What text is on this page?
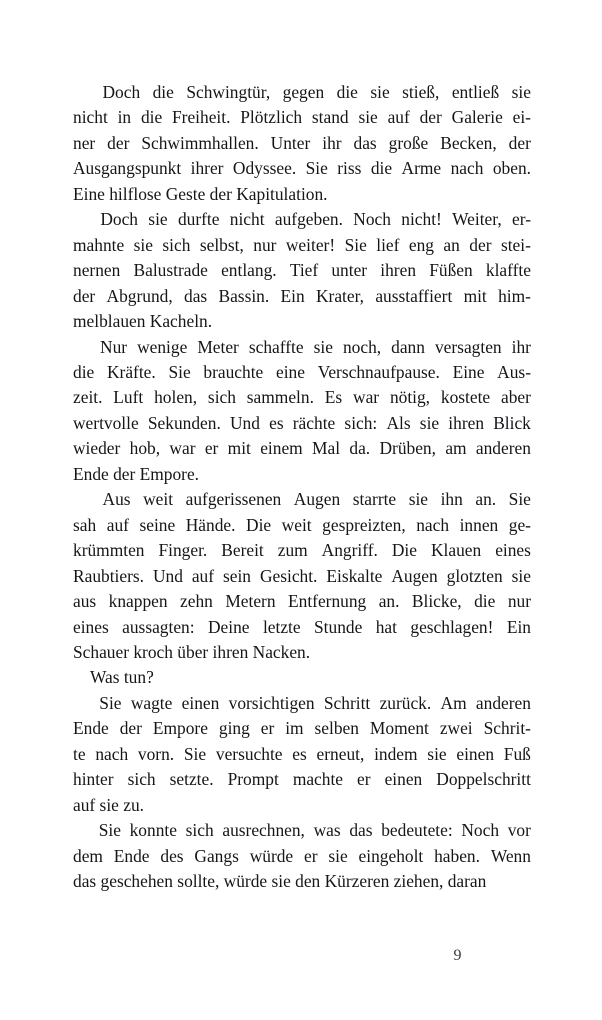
Doch die Schwingtür, gegen die sie stieß, entließ sie
nicht in die Freiheit. Plötzlich stand sie auf der Galerie ei-
ner der Schwimmhallen. Unter ihr das große Becken, der
Ausgangspunkt ihrer Odyssee. Sie riss die Arme nach oben.
Eine hilflose Geste der Kapitulation.

Doch sie durfte nicht aufgeben. Noch nicht! Weiter, er-
mahnte sie sich selbst, nur weiter! Sie lief eng an der stei-
nernen Balustrade entlang. Tief unter ihren Füßen klaffte
der Abgrund, das Bassin. Ein Krater, ausstaffiert mit him-
melblauen Kacheln.

Nur wenige Meter schaffte sie noch, dann versagten ihr
die Kräfte. Sie brauchte eine Verschnaufpause. Eine Aus-
zeit. Luft holen, sich sammeln. Es war nötig, kostete aber
wertvolle Sekunden. Und es rächte sich: Als sie ihren Blick
wieder hob, war er mit einem Mal da. Drüben, am anderen
Ende der Empore.

Aus weit aufgerissenen Augen starrte sie ihn an. Sie
sah auf seine Hände. Die weit gespreizten, nach innen ge-
krümmten Finger. Bereit zum Angriff. Die Klauen eines
Raubtiers. Und auf sein Gesicht. Eiskalte Augen glotzten sie
aus knappen zehn Metern Entfernung an. Blicke, die nur
eines aussagten: Deine letzte Stunde hat geschlagen! Ein
Schauer kroch über ihren Nacken.

Was tun?

Sie wagte einen vorsichtigen Schritt zurück. Am anderen
Ende der Empore ging er im selben Moment zwei Schrit-
te nach vorn. Sie versuchte es erneut, indem sie einen Fuß
hinter sich setzte. Prompt machte er einen Doppelschritt
auf sie zu.

Sie konnte sich ausrechnen, was das bedeutete: Noch vor
dem Ende des Gangs würde er sie eingeholt haben. Wenn
das geschehen sollte, würde sie den Kürzeren ziehen, daran

9
